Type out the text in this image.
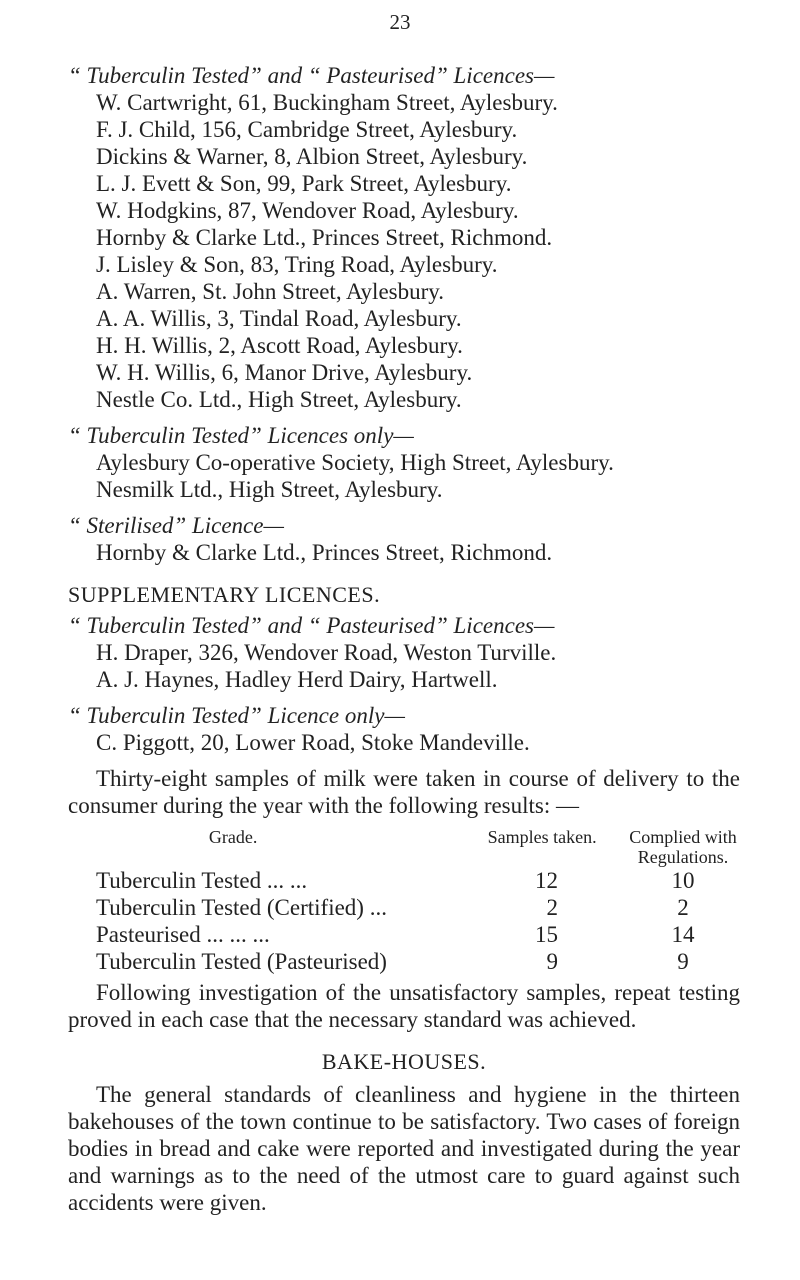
23

“ Tuberculin Tested” and “ Pasteurised” Licences—

W. Cartwright, 61, Buckingham Street, Aylesbury.
F. J. Child, 156, Cambridge Street, Aylesbury.
Dickins & Warner, 8, Albion Street, Aylesbury.
L. J. Evett & Son, 99, Park Street, Aylesbury.
W. Hodgkins, 87, Wendover Road, Aylesbury.
Hornby & Clarke Ltd., Princes Street, Richmond.
J. Lisley & Son, 83, Tring Road, Aylesbury.
A. Warren, St. John Street, Aylesbury.
A. A. Willis, 3, Tindal Road, Aylesbury.
H. H. Willis, 2, Ascott Road, Aylesbury.
W. H. Willis, 6, Manor Drive, Aylesbury.
Nestle Co. Ltd., High Street, Aylesbury.

“ Tuberculin Tested” Licences only—

Aylesbury Co-operative Society, High Street, Aylesbury.
Nesmilk Ltd., High Street, Aylesbury.

“ Sterilised” Licence—

Hornby & Clarke Ltd., Princes Street, Richmond.

SUPPLEMENTARY LICENCES.

“ Tuberculin Tested” and “ Pasteurised” Licences—

H. Draper, 326, Wendover Road, Weston Turville.
A. J. Haynes, Hadley Herd Dairy, Hartwell.

“ Tuberculin Tested” Licence only—

C. Piggott, 20, Lower Road, Stoke Mandeville.

Thirty-eight samples of milk were taken in course of delivery to the consumer during the year with the following results: —

Grade.	Samples taken.	Complied with Regulations.
Tuberculin Tested ... ...	12	10
Tuberculin Tested (Certified) ...	2	2
Pasteurised ... ... ...	15	14
Tuberculin Tested (Pasteurised)	9	9

Following investigation of the unsatisfactory samples, repeat testing proved in each case that the necessary standard was achieved.

BAKE-HOUSES.

The general standards of cleanliness and hygiene in the thirteen bakehouses of the town continue to be satisfactory. Two cases of foreign bodies in bread and cake were reported and investigated during the year and warnings as to the need of the utmost care to guard against such accidents were given.
